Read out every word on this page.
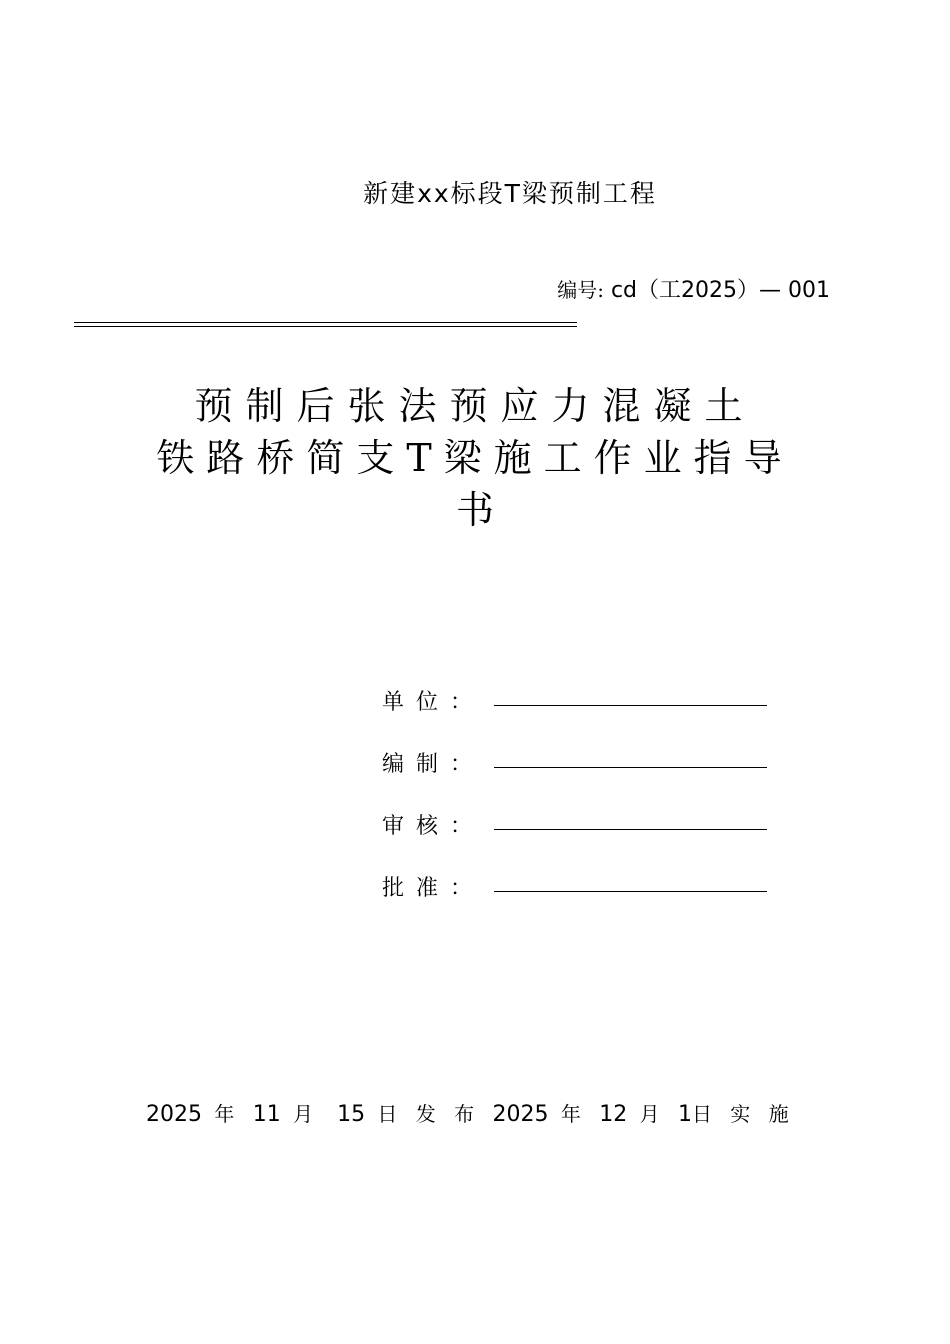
新建xx标段T梁预制工程
编号: cd（工2025）— 001
预制后张法预应力混凝土
铁路桥简支T梁施工作业指导
书
单位：
编制：
审核：
批准：
2025 年 11 月 15 日 发 布 2025 年 12 月 1日 实 施
